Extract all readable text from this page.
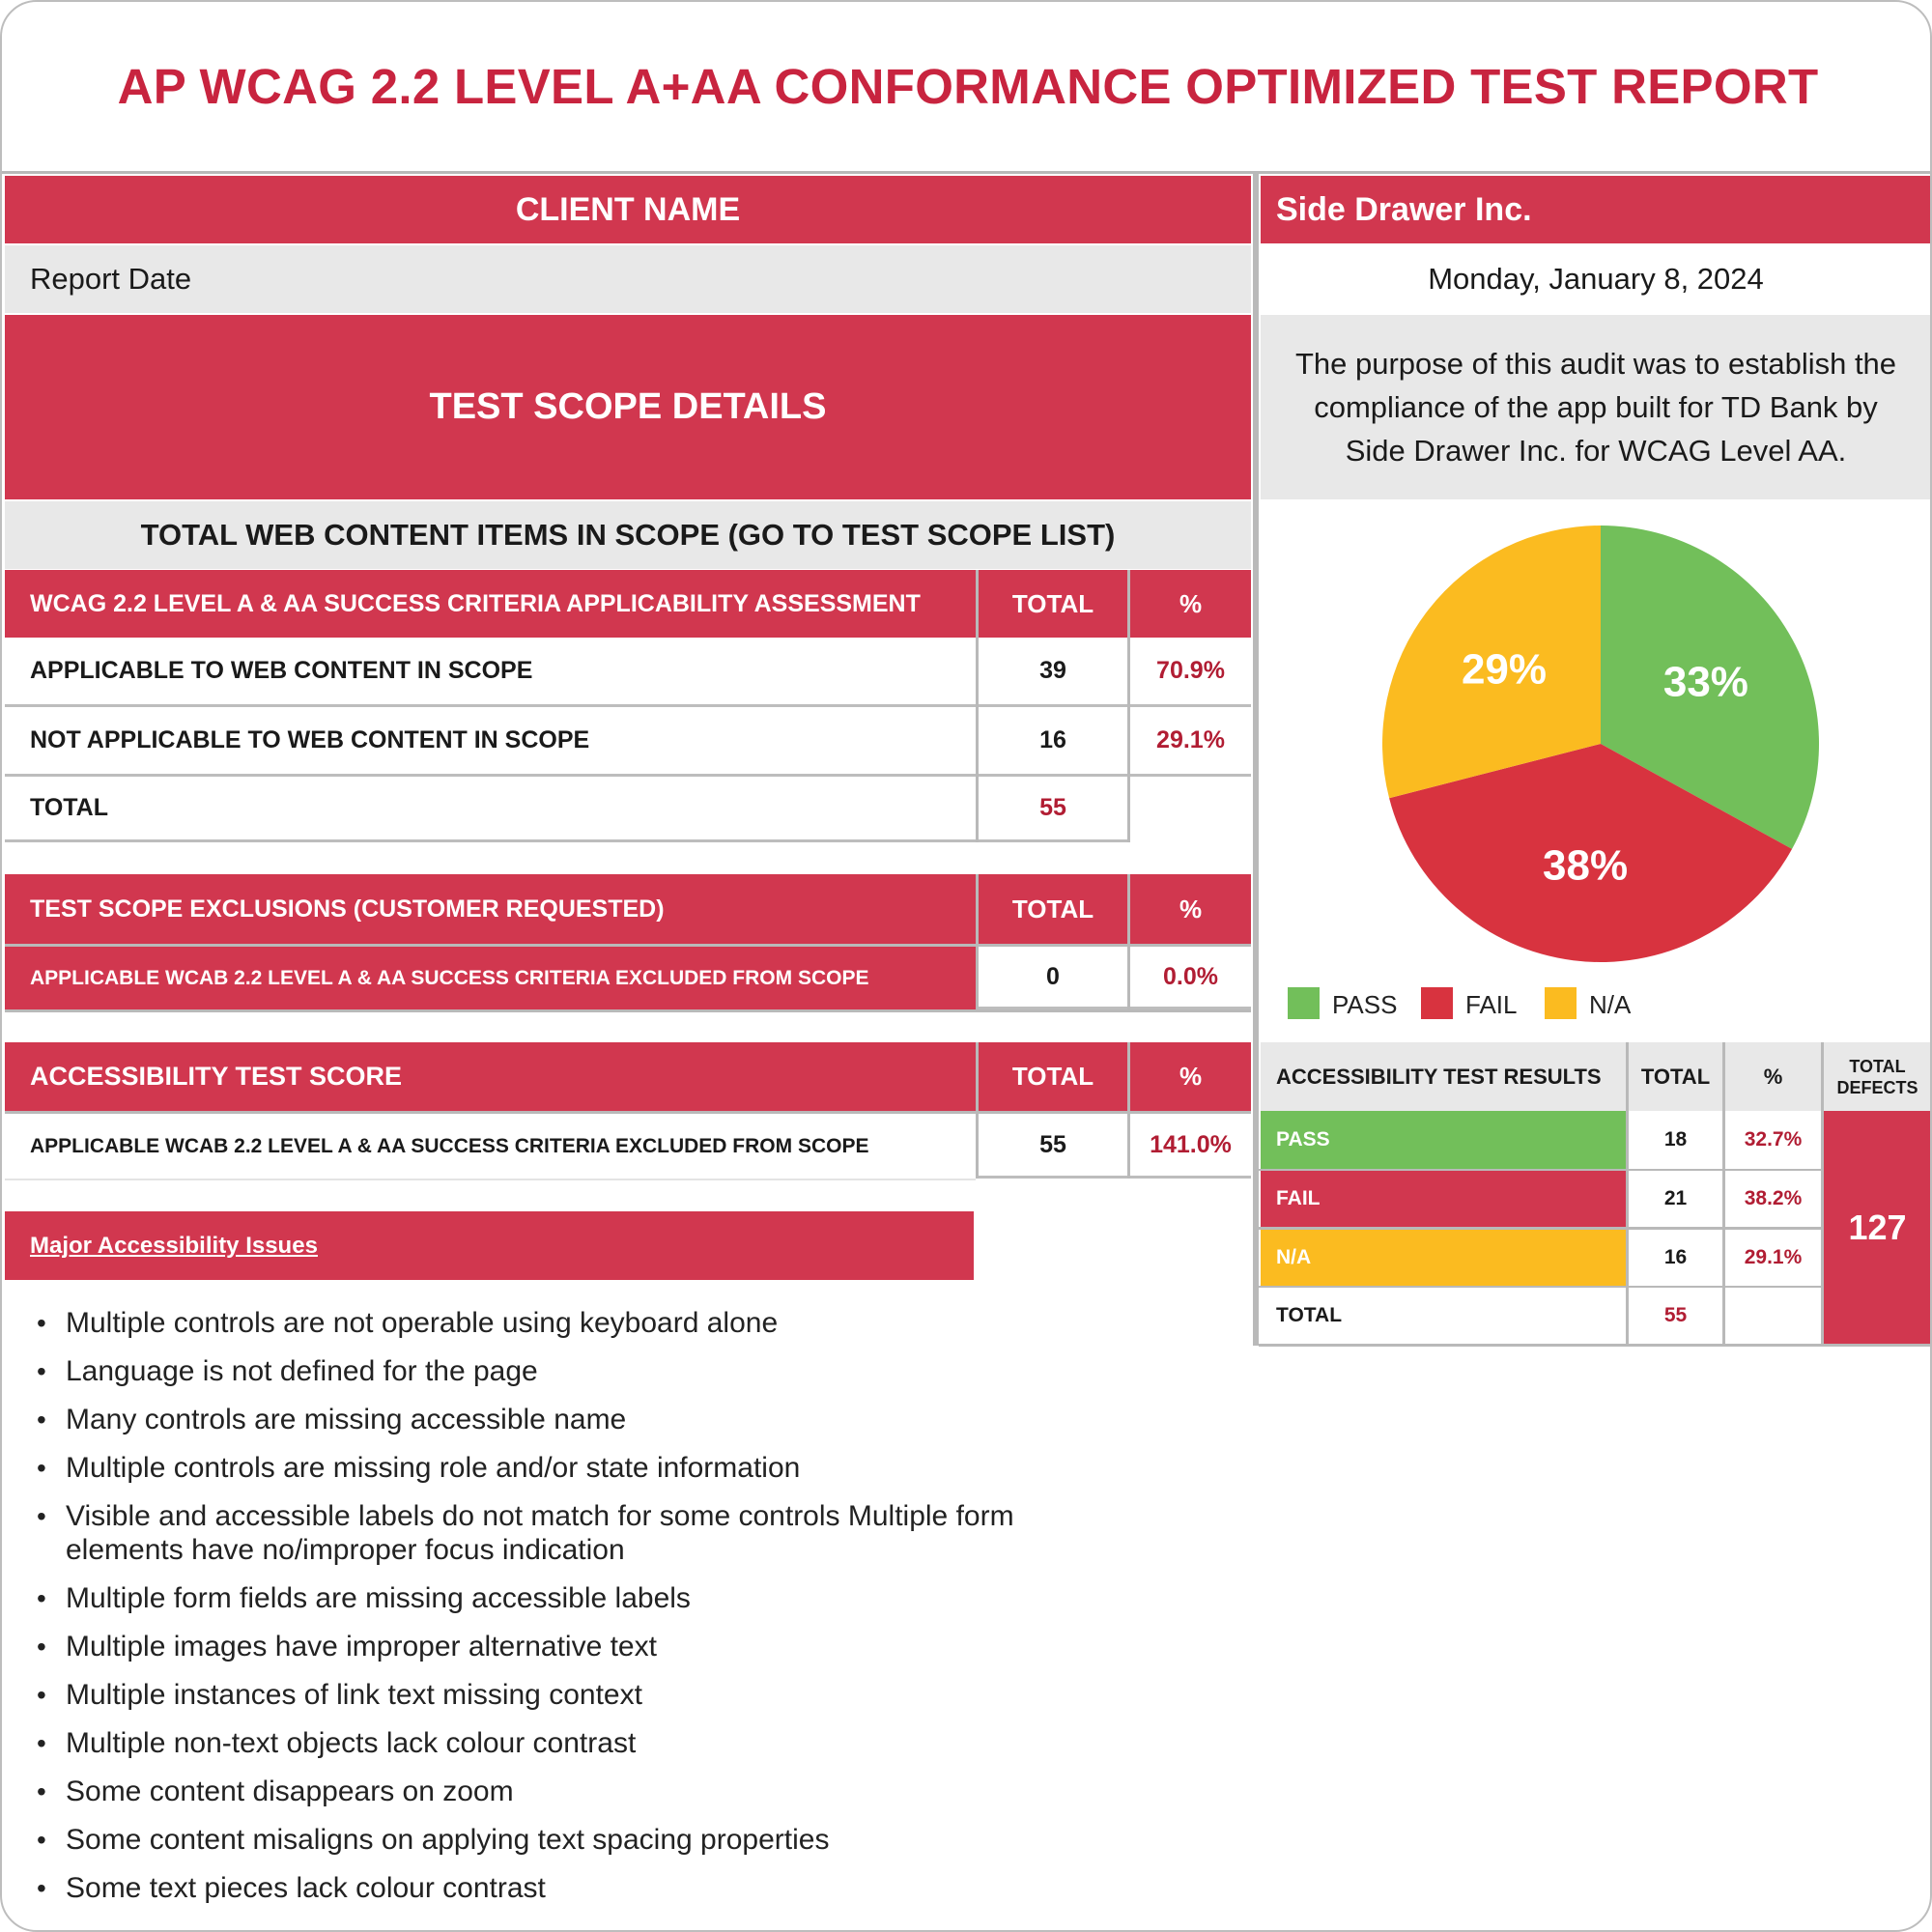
AP WCAG 2.2 LEVEL A+AA CONFORMANCE OPTIMIZED TEST REPORT
CLIENT NAME	Side Drawer Inc.
Report Date	Monday, January 8, 2024
TEST SCOPE DETAILS
The purpose of this audit was to establish the compliance of the app built for TD Bank by Side Drawer Inc. for WCAG Level AA.
TOTAL WEB CONTENT ITEMS IN SCOPE (GO TO TEST SCOPE LIST)
WCAG 2.2 LEVEL A & AA SUCCESS CRITERIA APPLICABILITY ASSESSMENT	TOTAL	%
APPLICABLE TO WEB CONTENT IN SCOPE	39	70.9%
NOT APPLICABLE TO WEB CONTENT IN SCOPE	16	29.1%
TOTAL	55
TEST SCOPE EXCLUSIONS (CUSTOMER REQUESTED)	TOTAL	%
APPLICABLE WCAB 2.2 LEVEL A & AA SUCCESS CRITERIA EXCLUDED FROM SCOPE	0	0.0%
ACCESSIBILITY TEST SCORE	TOTAL	%
APPLICABLE WCAB 2.2 LEVEL A & AA SUCCESS CRITERIA EXCLUDED FROM SCOPE	55	141.0%
Major Accessibility Issues
• Multiple controls are not operable using keyboard alone
• Language is not defined for the page
• Many controls are missing accessible name
• Multiple controls are missing role and/or state information
• Visible and accessible labels do not match for some controls Multiple form elements have no/improper focus indication
• Multiple form fields are missing accessible labels
• Multiple images have improper alternative text
• Multiple instances of link text missing context
• Multiple non-text objects lack colour contrast
• Some content disappears on zoom
• Some content misaligns on applying text spacing properties
• Some text pieces lack colour contrast
33%
38%
29%
PASS	FAIL	N/A
ACCESSIBILITY TEST RESULTS	TOTAL	%	TOTAL DEFECTS
PASS	18	32.7%
FAIL	21	38.2%
N/A	16	29.1%
TOTAL	55
127
